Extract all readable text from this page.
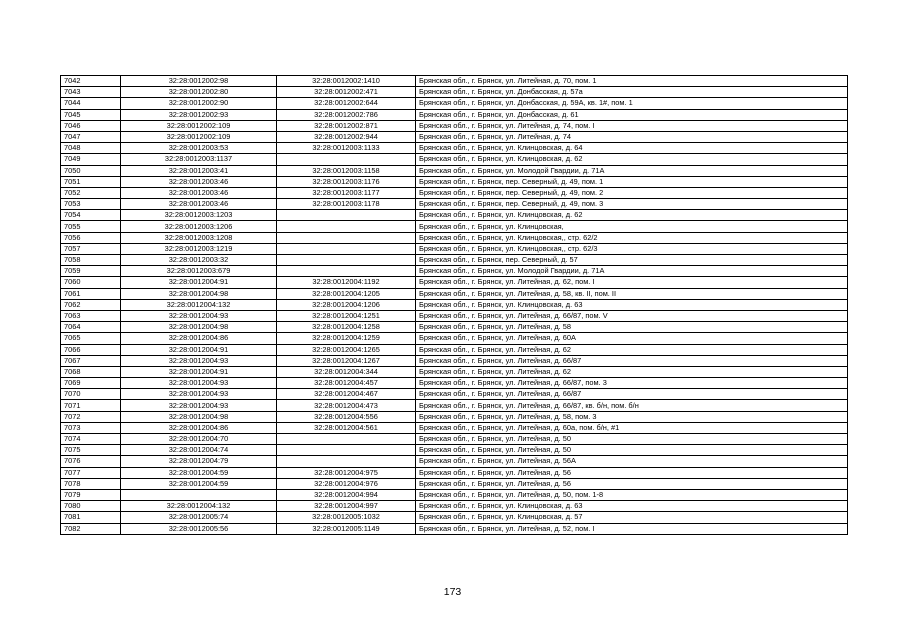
7042	32:28:0012002:98	32:28:0012002:1410	Брянская обл., г. Брянск, ул. Литейная, д. 70, пом. 1
7043	32:28:0012002:80	32:28:0012002:471	Брянская обл., г. Брянск, ул. Донбасская, д. 57а
7044	32:28:0012002:90	32:28:0012002:644	Брянская обл., г. Брянск, ул. Донбасская, д. 59А, кв. 1#, пом. 1
7045	32:28:0012002:93	32:28:0012002:786	Брянская обл., г. Брянск, ул. Донбасская, д. 61
7046	32:28:0012002:109	32:28:0012002:871	Брянская обл., г. Брянск, ул. Литейная, д. 74, пом. I
7047	32:28:0012002:109	32:28:0012002:944	Брянская обл., г. Брянск, ул. Литейная, д. 74
7048	32:28:0012003:53	32:28:0012003:1133	Брянская обл., г. Брянск, ул. Клинцовская, д. 64
7049	32:28:0012003:1137		Брянская обл., г. Брянск, ул. Клинцовская, д. 62
7050	32:28:0012003:41	32:28:0012003:1158	Брянская обл., г. Брянск, ул. Молодой Гвардии, д. 71А
7051	32:28:0012003:46	32:28:0012003:1176	Брянская обл., г. Брянск, пер. Северный, д. 49, пом. 1
7052	32:28:0012003:46	32:28:0012003:1177	Брянская обл., г. Брянск, пер. Северный, д. 49, пом. 2
7053	32:28:0012003:46	32:28:0012003:1178	Брянская обл., г. Брянск, пер. Северный, д. 49, пом. 3
7054	32:28:0012003:1203		Брянская обл., г. Брянск, ул. Клинцовская, д. 62
7055	32:28:0012003:1206		Брянская обл., г. Брянск, ул. Клинцовская,
7056	32:28:0012003:1208		Брянская обл., г. Брянск, ул. Клинцовская,, стр. 62/2
7057	32:28:0012003:1219		Брянская обл., г. Брянск, ул. Клинцовская,, стр. 62/3
7058	32:28:0012003:32		Брянская обл., г. Брянск, пер. Северный, д. 57
7059	32:28:0012003:679		Брянская обл., г. Брянск, ул. Молодой Гвардии, д. 71А
7060	32:28:0012004:91	32:28:0012004:1192	Брянская обл., г. Брянск, ул. Литейная, д. 62, пом. I
7061	32:28:0012004:98	32:28:0012004:1205	Брянская обл., г. Брянск, ул. Литейная, д. 58, кв. II, пом. II
7062	32:28:0012004:132	32:28:0012004:1206	Брянская обл., г. Брянск, ул. Клинцовская, д. 63
7063	32:28:0012004:93	32:28:0012004:1251	Брянская обл., г. Брянск, ул. Литейная, д. 66/87, пом. V
7064	32:28:0012004:98	32:28:0012004:1258	Брянская обл., г. Брянск, ул. Литейная, д. 58
7065	32:28:0012004:86	32:28:0012004:1259	Брянская обл., г. Брянск, ул. Литейная, д. 60А
7066	32:28:0012004:91	32:28:0012004:1265	Брянская обл., г. Брянск, ул. Литейная, д. 62
7067	32:28:0012004:93	32:28:0012004:1267	Брянская обл., г. Брянск, ул. Литейная, д. 66/87
7068	32:28:0012004:91	32:28:0012004:344	Брянская обл., г. Брянск, ул. Литейная, д. 62
7069	32:28:0012004:93	32:28:0012004:457	Брянская обл., г. Брянск, ул. Литейная, д. 66/87, пом. 3
7070	32:28:0012004:93	32:28:0012004:467	Брянская обл., г. Брянск, ул. Литейная, д. 66/87
7071	32:28:0012004:93	32:28:0012004:473	Брянская обл., г. Брянск, ул. Литейная, д. 66/87, кв. б/н, пом. б/н
7072	32:28:0012004:98	32:28:0012004:556	Брянская обл., г. Брянск, ул. Литейная, д. 58, пом. 3
7073	32:28:0012004:86	32:28:0012004:561	Брянская обл., г. Брянск, ул. Литейная, д. 60а, пом. б/н, #1
7074	32:28:0012004:70		Брянская обл., г. Брянск, ул. Литейная, д. 50
7075	32:28:0012004:74		Брянская обл., г. Брянск, ул. Литейная, д. 50
7076	32:28:0012004:79		Брянская обл., г. Брянск, ул. Литейная, д. 56А
7077	32:28:0012004:59	32:28:0012004:975	Брянская обл., г. Брянск, ул. Литейная, д. 56
7078	32:28:0012004:59	32:28:0012004:976	Брянская обл., г. Брянск, ул. Литейная, д. 56
7079		32:28:0012004:994	Брянская обл., г. Брянск, ул. Литейная, д. 50, пом. 1-8
7080	32:28:0012004:132	32:28:0012004:997	Брянская обл., г. Брянск, ул. Клинцовская, д. 63
7081	32:28:0012005:74	32:28:0012005:1032	Брянская обл., г. Брянск, ул. Клинцовская, д. 57
7082	32:28:0012005:56	32:28:0012005:1149	Брянская обл., г. Брянск, ул. Литейная, д. 52, пом. I
173
